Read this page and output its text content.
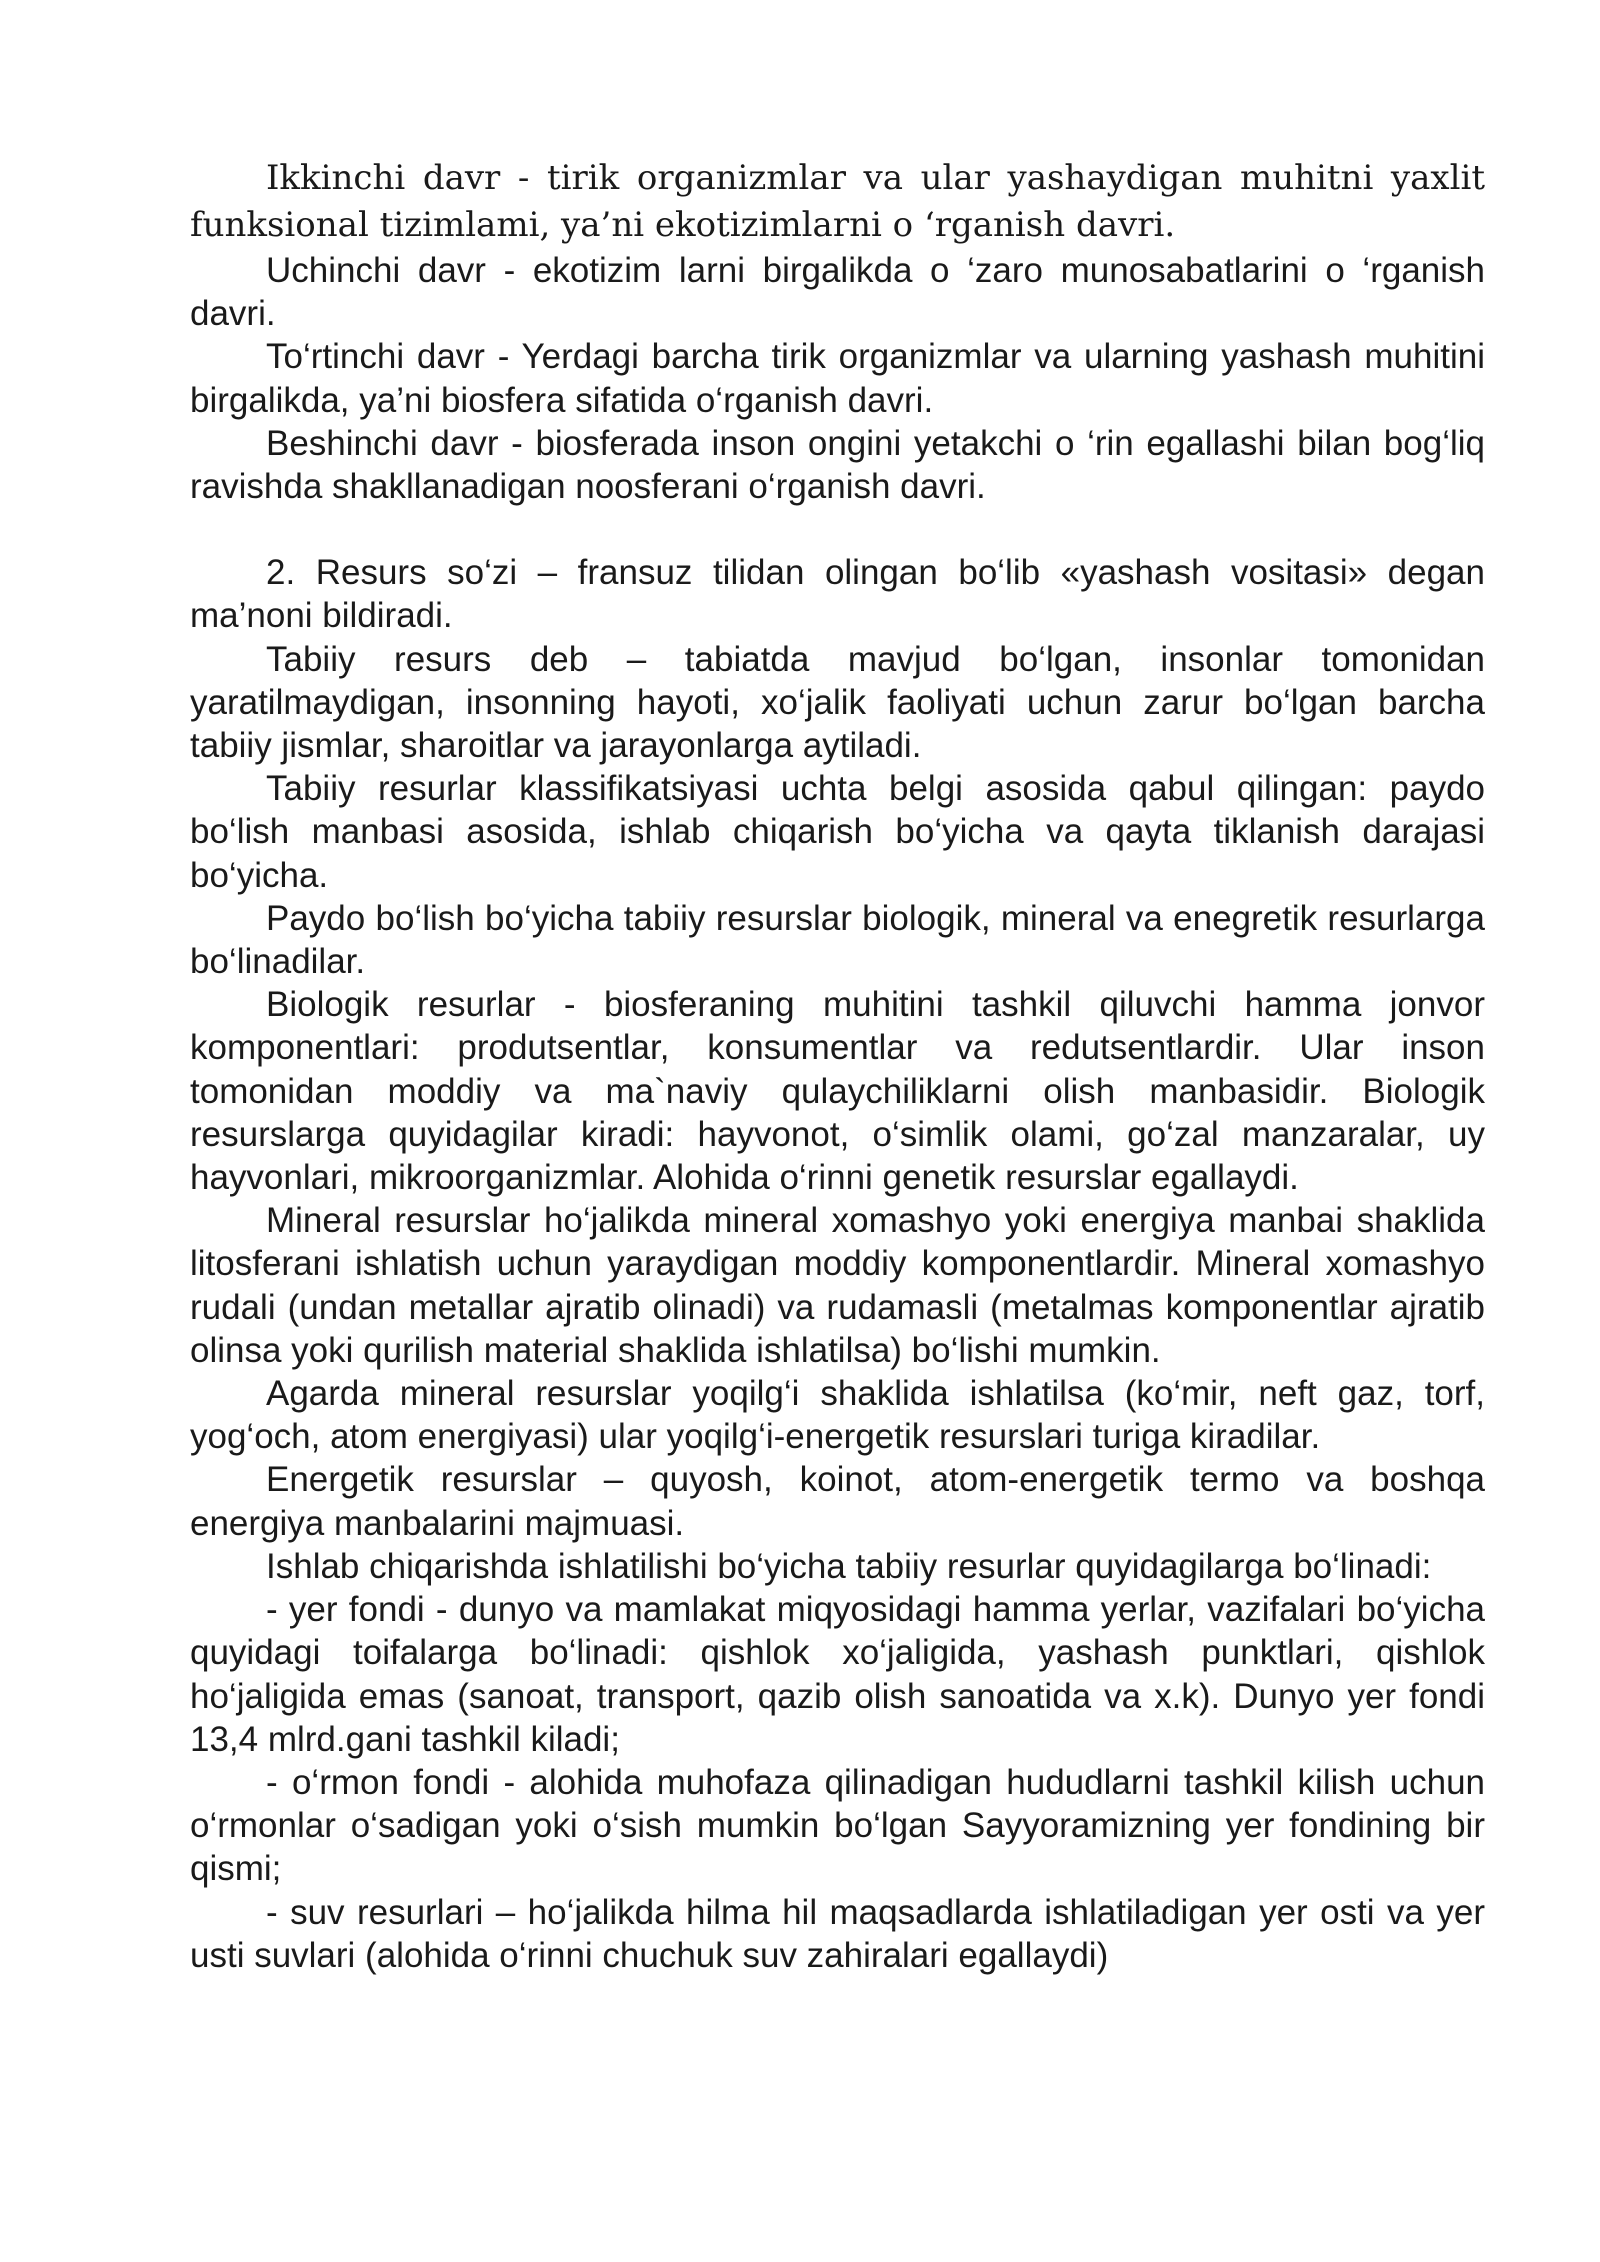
Ikkinchi davr - tirik organizmlar va ular yashaydigan muhitni yaxlit funksional tizimlami, ya’ni ekotizimlarni o ‘rganish davri.

Uchinchi davr - ekotizim larni birgalikda o ‘zaro munosabatlarini o ‘rganish davri.

To‘rtinchi davr - Yerdagi barcha tirik organizmlar va ularning yashash muhitini birgalikda, ya’ni biosfera sifatida o‘rganish davri.

Beshinchi davr - biosferada inson ongini yetakchi o ‘rin egallashi bilan bog‘liq ravishda shakllanadigan noosferani o‘rganish davri.

2. Resurs so‘zi – fransuz tilidan olingan bo‘lib «yashash vositasi» degan ma’noni bildiradi.

Tabiiy resurs deb – tabiatda mavjud bo‘lgan, insonlar tomonidan yaratilmaydigan, insonning hayoti, xo‘jalik faoliyati uchun zarur bo‘lgan barcha tabiiy jismlar, sharoitlar va jarayonlarga aytiladi.

Tabiiy resurlar klassifikatsiyasi uchta belgi asosida qabul qilingan: paydo bo‘lish manbasi asosida, ishlab chiqarish bo‘yicha va qayta tiklanish darajasi bo‘yicha.

Paydo bo‘lish bo‘yicha tabiiy resurslar biologik, mineral va enegretik resurlarga bo‘linadilar.

Biologik resurlar - biosferaning muhitini tashkil qiluvchi hamma jonvor komponentlari: produtsentlar, konsumentlar va redutsentlardir. Ular inson tomonidan moddiy va ma`naviy qulaychiliklarni olish manbasidir. Biologik resurslarga quyidagilar kiradi: hayvonot, o‘simlik olami, go‘zal manzaralar, uy hayvonlari, mikroorganizmlar. Alohida o‘rinni genetik resurslar egallaydi.

Mineral resurslar ho‘jalikda mineral xomashyo yoki energiya manbai shaklida litosferani ishlatish uchun yaraydigan moddiy komponentlardir. Mineral xomashyo rudali (undan metallar ajratib olinadi) va rudamasli (metalmas komponentlar ajratib olinsa yoki qurilish material shaklida ishlatilsa) bo‘lishi mumkin.

Agarda mineral resurslar yoqilg‘i shaklida ishlatilsa (ko‘mir, neft gaz, torf, yog‘och, atom energiyasi) ular yoqilg‘i-energetik resurslari turiga kiradilar.

Energetik resurslar – quyosh, koinot, atom-energetik termo va boshqa energiya manbalarini majmuasi.

Ishlab chiqarishda ishlatilishi bo‘yicha tabiiy resurlar quyidagilarga bo‘linadi:

- yer fondi - dunyo va mamlakat miqyosidagi hamma yerlar, vazifalari bo‘yicha quyidagi toifalarga bo‘linadi: qishlok xo‘jaligida, yashash punktlari, qishlok ho‘jaligida emas (sanoat, transport, qazib olish sanoatida va x.k). Dunyo yer fondi 13,4 mlrd.gani tashkil kiladi;

- o‘rmon fondi - alohida muhofaza qilinadigan hududlarni tashkil kilish uchun o‘rmonlar o‘sadigan yoki o‘sish mumkin bo‘lgan Sayyoramizning yer fondining bir qismi;

- suv resurlari – ho‘jalikda hilma hil maqsadlarda ishlatiladigan yer osti va yer usti suvlari (alohida o‘rinni chuchuk suv zahiralari egallaydi)
